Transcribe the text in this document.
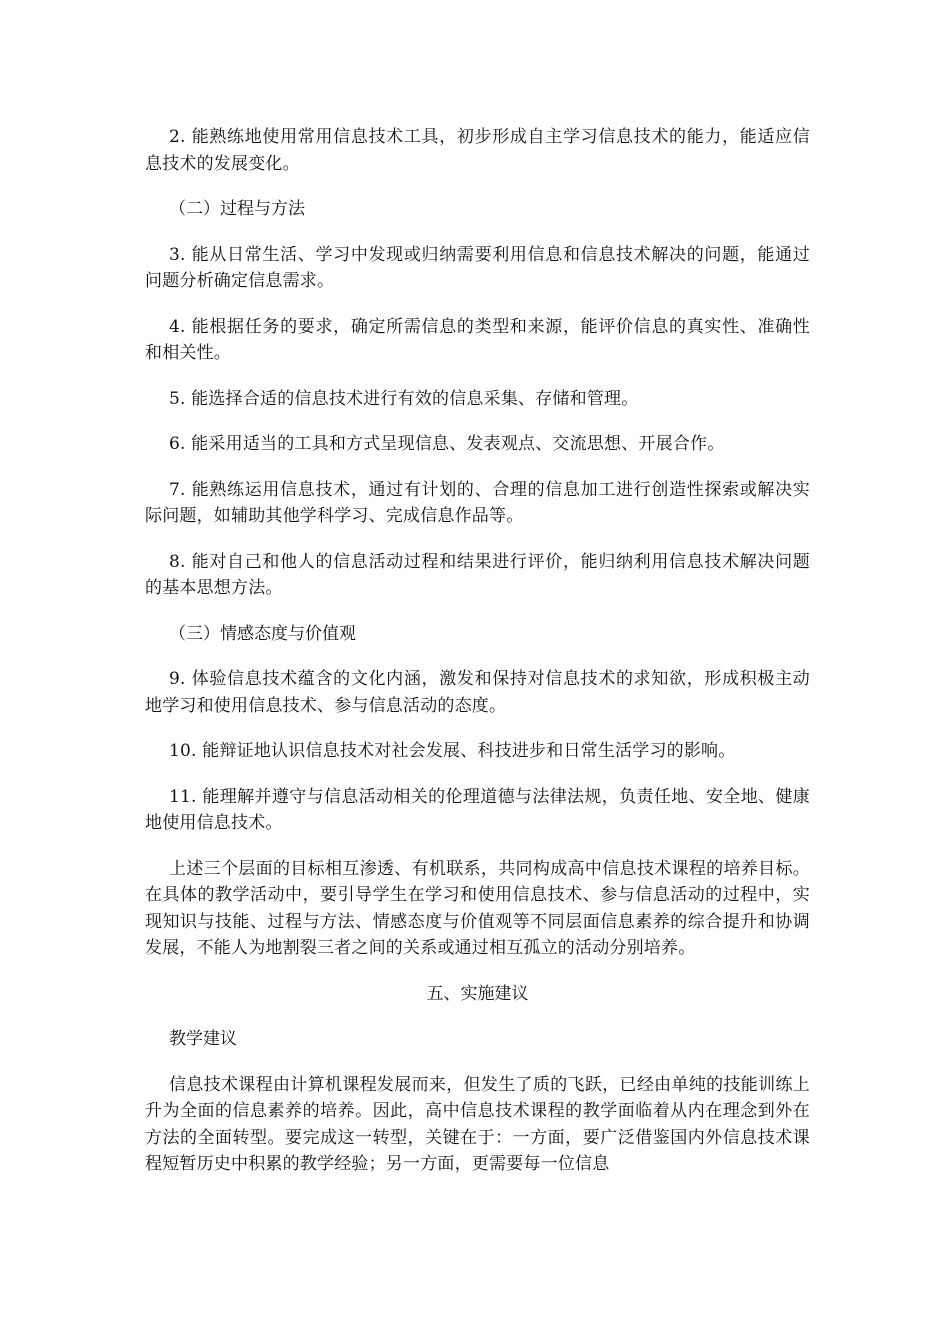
2. 能熟练地使用常用信息技术工具，初步形成自主学习信息技术的能力，能适应信息技术的发展变化。

（二）过程与方法

3. 能从日常生活、学习中发现或归纳需要利用信息和信息技术解决的问题，能通过问题分析确定信息需求。

4. 能根据任务的要求，确定所需信息的类型和来源，能评价信息的真实性、准确性和相关性。

5. 能选择合适的信息技术进行有效的信息采集、存储和管理。

6. 能采用适当的工具和方式呈现信息、发表观点、交流思想、开展合作。

7. 能熟练运用信息技术，通过有计划的、合理的信息加工进行创造性探索或解决实际问题，如辅助其他学科学习、完成信息作品等。

8. 能对自己和他人的信息活动过程和结果进行评价，能归纳利用信息技术解决问题的基本思想方法。

（三）情感态度与价值观

9. 体验信息技术蕴含的文化内涵，激发和保持对信息技术的求知欲，形成积极主动地学习和使用信息技术、参与信息活动的态度。

10. 能辩证地认识信息技术对社会发展、科技进步和日常生活学习的影响。

11. 能理解并遵守与信息活动相关的伦理道德与法律法规，负责任地、安全地、健康地使用信息技术。

上述三个层面的目标相互渗透、有机联系，共同构成高中信息技术课程的培养目标。在具体的教学活动中，要引导学生在学习和使用信息技术、参与信息活动的过程中，实现知识与技能、过程与方法、情感态度与价值观等不同层面信息素养的综合提升和协调发展，不能人为地割裂三者之间的关系或通过相互孤立的活动分别培养。

五、实施建议

教学建议

信息技术课程由计算机课程发展而来，但发生了质的飞跃，已经由单纯的技能训练上升为全面的信息素养的培养。因此，高中信息技术课程的教学面临着从内在理念到外在方法的全面转型。要完成这一转型，关键在于：一方面，要广泛借鉴国内外信息技术课程短暂历史中积累的教学经验；另一方面，更需要每一位信息
